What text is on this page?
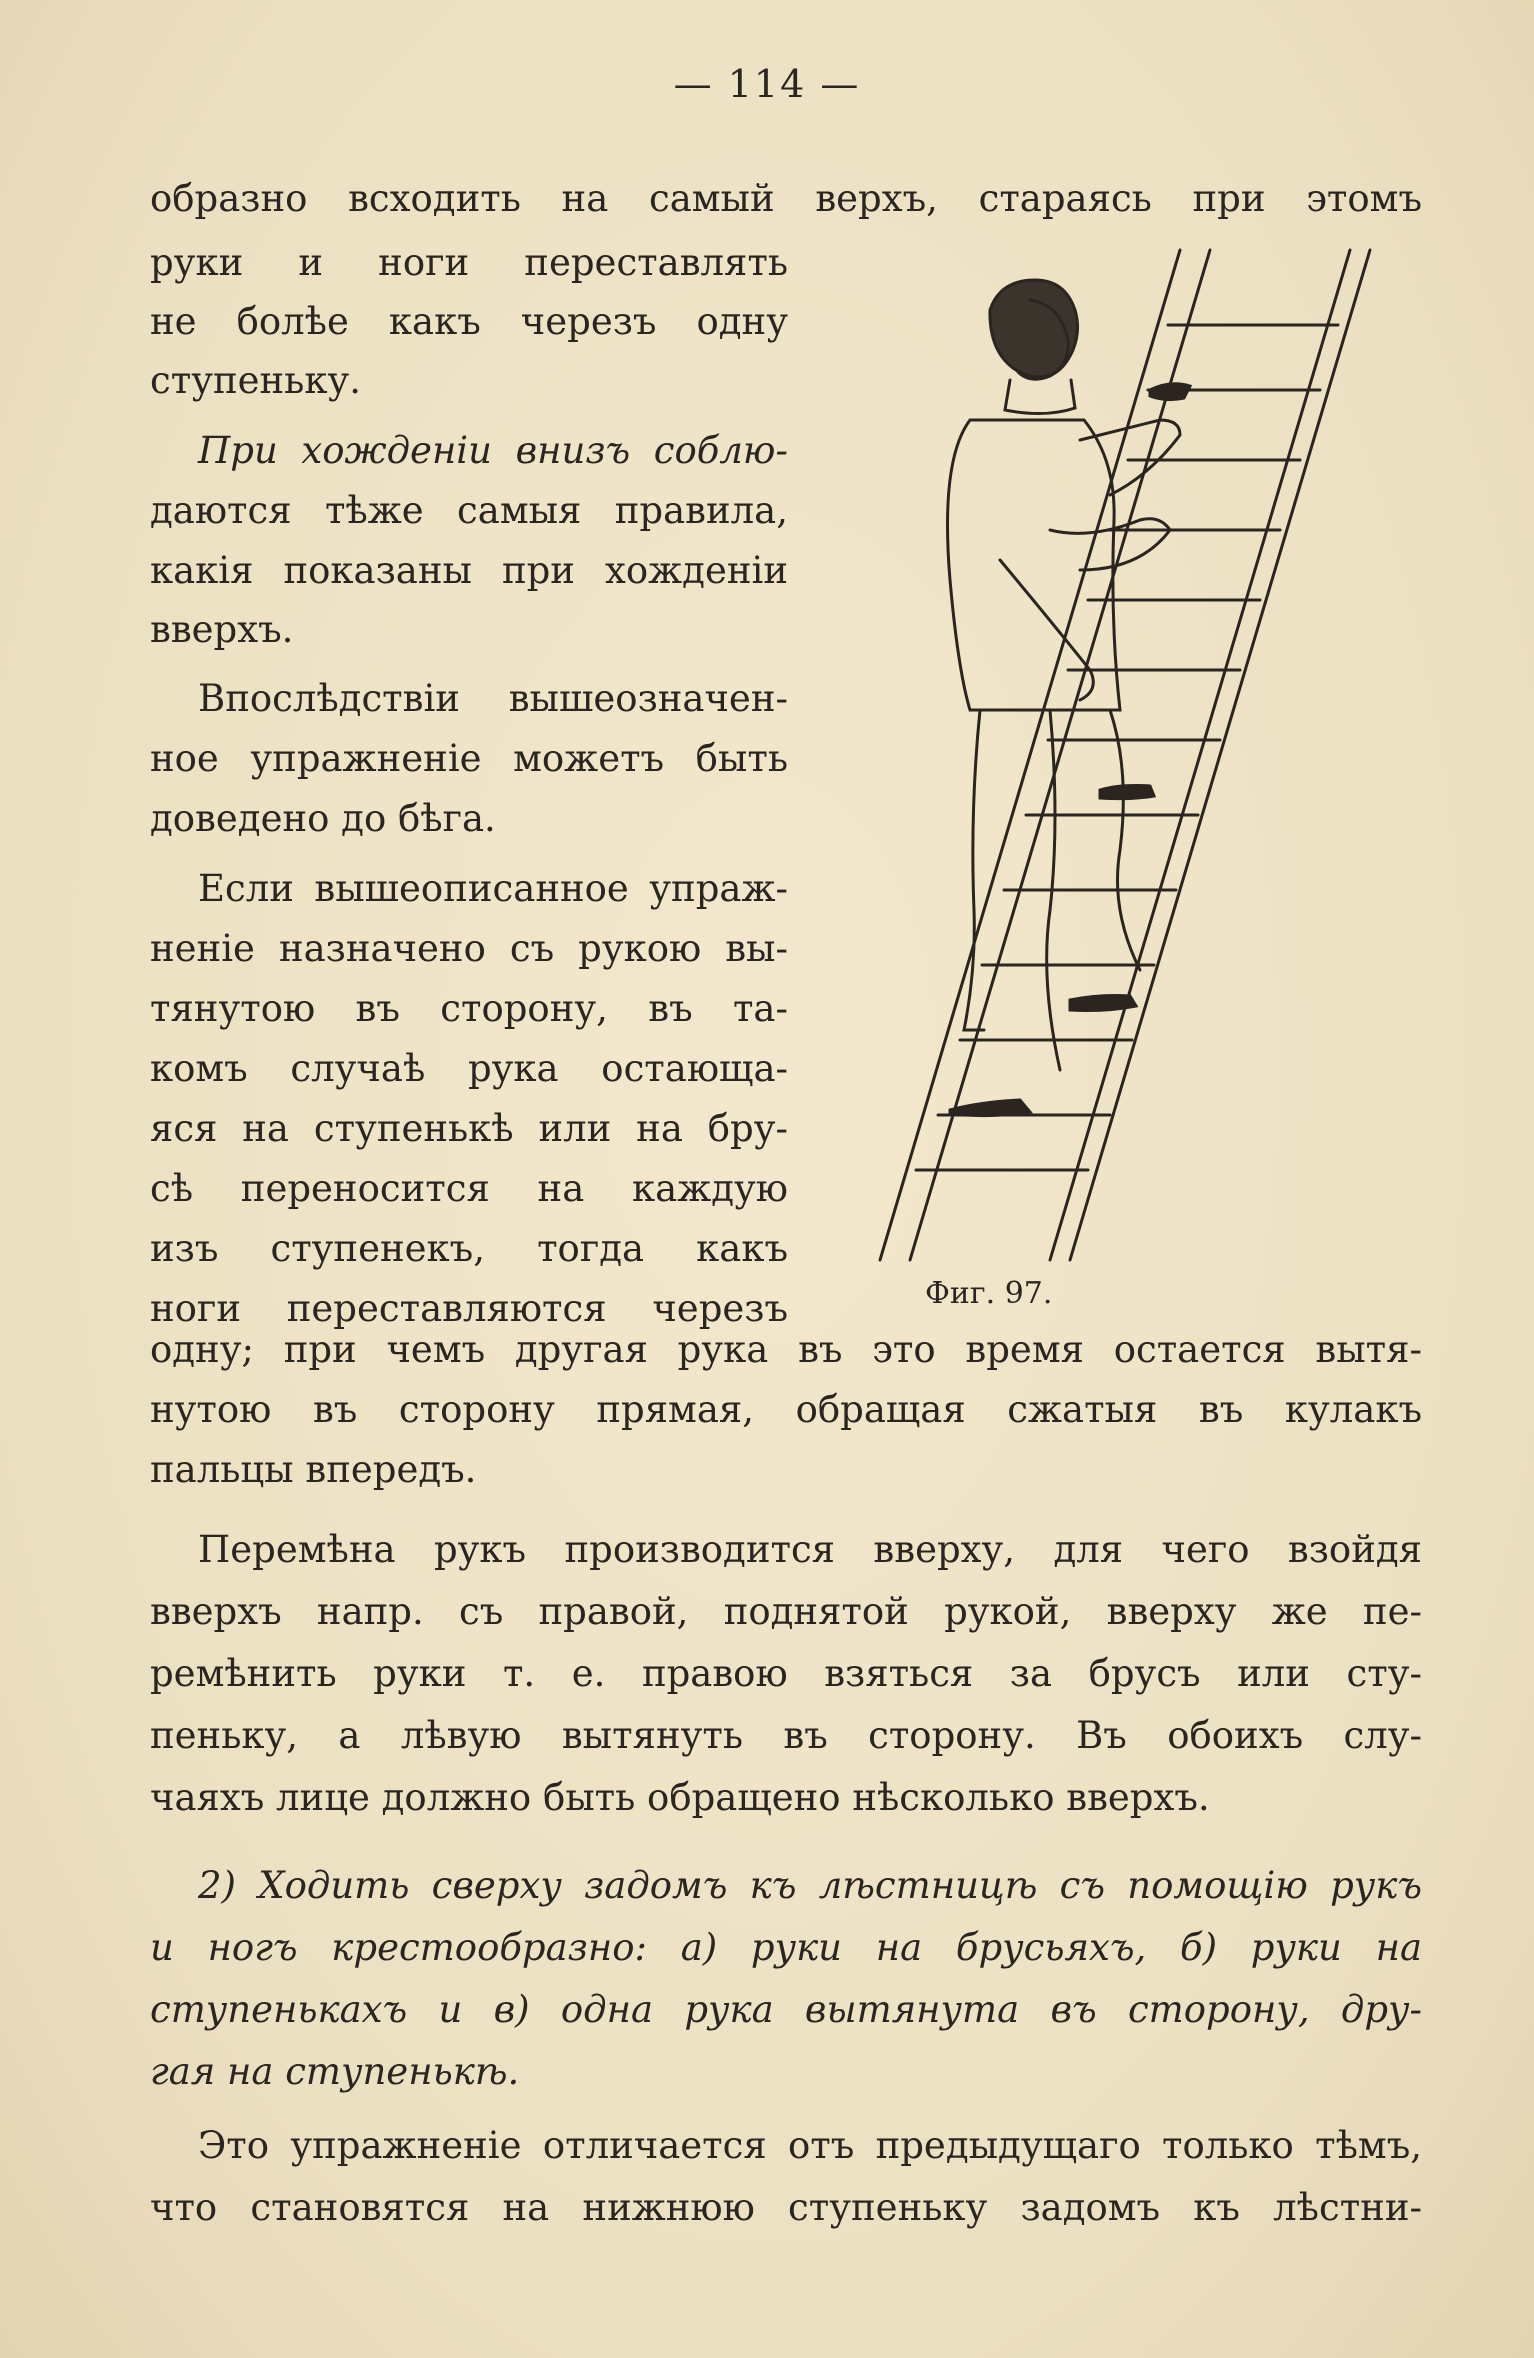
— 114 —
образно всходить на самый верхъ, стараясь при этомъ
руки и ноги переставлять
не болѣе какъ черезъ одну
ступеньку.
При хожденіи внизъ соблю-
даются тѣже самыя правила,
какія показаны при хожденіи
вверхъ.
Впослѣдствіи вышеозначен-
ное упражненіе можетъ быть
доведено до бѣга.
Если вышеописанное упраж-
неніе назначено съ рукою вы-
тянутою въ сторону, въ та-
комъ случаѣ рука остающа-
яся на ступенькѣ или на бру-
сѣ переносится на каждую
изъ ступенекъ, тогда какъ
ноги переставляются черезъ
одну; при чемъ другая рука въ это время остается вытя-
нутою въ сторону прямая, обращая сжатыя въ кулакъ
пальцы впередъ.
Перемѣна рукъ производится вверху, для чего взойдя
вверхъ напр. съ правой, поднятой рукой, вверху же пе-
ремѣнить руки т. е. правою взяться за брусъ или сту-
пеньку, а лѣвую вытянуть въ сторону. Въ обоихъ слу-
чаяхъ лице должно быть обращено нѣсколько вверхъ.
2) Ходить сверху задомъ къ лѣстницѣ съ помощію рукъ
и ногъ крестообразно: а) руки на брусьяхъ, б) руки на
ступенькахъ и в) одна рука вытянута въ сторону, дру-
гая на ступенькѣ.
Это упражненіе отличается отъ предыдущаго только тѣмъ,
что становятся на нижнюю ступеньку задомъ къ лѣстни-
Фиг. 97.
